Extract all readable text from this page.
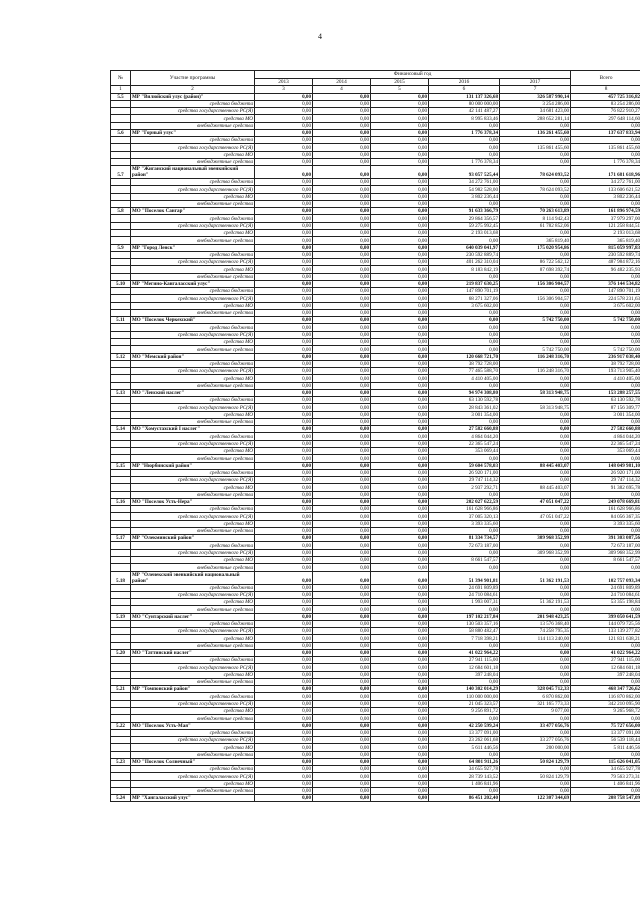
4
№	Участие программы	Финансовый год					Всего
		2013	2014	2015	2016	2017	
1	2	3	4	5	6	7	8
5.5	МР "Вилюйский улус (район)"	0,00	0,00	0,00	131 137 326,68	326 587 990,14	457 725 316,82
	средства бюджета	0,00	0,00	0,00	80 000 000,00	3 254 286,00	83 254 286,00
	средства государственного РС(Я)	0,00	0,00	0,00	42 141 487,27	34 681 423,00	76 822 910,27
	средства МО	0,00	0,00	0,00	8 995 833,46	288 652 281,14	297 648 114,60
	внебюджетные средства	0,00	0,00	0,00	0,00	0,00	0,00
5.6	МР "Горный улус"	0,00	0,00	0,00	1 776 378,34	136 261 455,60	137 637 833,94
	средства бюджета	0,00	0,00	0,00	0,00	0,00	0,00
	средства государственного РС(Я)	0,00	0,00	0,00	0,00	135 861 455,60	135 861 455,60
	средства МО	0,00	0,00	0,00	0,00	0,00	0,00
	внебюджетные средства	0,00	0,00	0,00	1 776 378,34	0,00	1 776 378,34
5.7	МР "Жиганский национальный эвенкийский район"	0,00	0,00	0,00	93 057 525,44	78 624 093,52	171 681 618,96
	средства бюджета	0,00	0,00	0,00	34 272 761,00	0,00	34 272 761,00
	средства государственного РС(Я)	0,00	0,00	0,00	54 982 528,00	78 624 093,52	133 606 621,52
	средства МО	0,00	0,00	0,00	3 802 236,44	0,00	3 802 236,44
	внебюджетные средства	0,00	0,00	0,00	0,00	0,00	0,00
5.8	МО "Поселок Сангар"	0,00	0,00	0,00	91 633 366,79	70 263 613,89	161 896 974,59
	средства бюджета	0,00	0,00	0,00	29 864 356,57	8 114 942,43	37 979 297,00
	средства государственного РС(Я)	0,00	0,00	0,00	59 275 992,45	61 782 852,06	121 258 844,51
	средства МО	0,00	0,00	0,00	2 193 013,68	0,00	2 193 013,68
	внебюджетные средства	0,00	0,00	0,00	0,00	365 819,40	365 819,40
5.9	МР "Город Ленск"	0,00	0,00	0,00	640 039 041,97	175 020 954,86	815 059 997,83
	средства бюджета	0,00	0,00	0,00	230 592 889,74	0,00	230 592 889,74
	средства государственного РС(Я)	0,00	0,00	0,00	401 262 310,04	86 722 562,12	487 984 872,16
	средства МО	0,00	0,00	0,00	8 183 842,19	87 698 392,74	96 482 235,93
	внебюджетные средства	0,00	0,00	0,00	0,00	0,00	0,00
5.10	МР "Мегино-Кангаласский улус"	0,00	0,00	0,00	219 837 630,25	156 306 904,57	376 144 534,82
	средства бюджета	0,00	0,00	0,00	147 890 701,19	0,00	147 890 701,19
	средства государственного РС(Я)	0,00	0,00	0,00	68 271 327,06	156 306 904,57	224 578 231,63
	средства МО	0,00	0,00	0,00	3 675 602,00	0,00	3 675 602,00
	внебюджетные средства	0,00	0,00	0,00	0,00	0,00	0,00
5.11	МО "Поселок Черкехский"	0,00	0,00	0,00	0,00	5 742 750,00	5 742 750,00
	средства бюджета	0,00	0,00	0,00	0,00	0,00	0,00
	средства государственного РС(Я)	0,00	0,00	0,00	0,00	0,00	0,00
	средства МО	0,00	0,00	0,00	0,00	0,00	0,00
	внебюджетные средства	0,00	0,00	0,00	0,00	5 742 750,00	5 742 750,00
5.12	МО "Мемский район"	0,00	0,00	0,00	120 668 721,70	116 248 316,70	236 917 038,40
	средства бюджета	0,00	0,00	0,00	38 792 728,00	0,00	38 792 728,00
	средства государственного РС(Я)	0,00	0,00	0,00	77 465 588,70	116 248 316,70	193 713 905,40
	средства МО	0,00	0,00	0,00	4 410 405,00	0,00	4 410 405,00
	внебюджетные средства	0,00	0,00	0,00	0,00	0,00	0,00
5.13	МО "Ленский наслег"	0,00	0,00	0,00	94 974 308,80	58 313 948,75	153 288 257,55
	средства бюджета	0,00	0,00	0,00	63 130 592,78	0,00	63 130 592,78
	средства государственного РС(Я)	0,00	0,00	0,00	28 843 361,02	58 313 948,75	87 156 309,77
	средства МО	0,00	0,00	0,00	3 001 354,00	0,00	3 001 354,00
	внебюджетные средства	0,00	0,00	0,00	0,00	0,00	0,00
5.14	МО "Хомустахский I наслег"	0,00	0,00	0,00	27 582 660,88	0,00	27 582 660,88
	средства бюджета	0,00	0,00	0,00	4 864 044,20	0,00	4 864 044,20
	средства государственного РС(Я)	0,00	0,00	0,00	22 365 547,24	0,00	22 365 547,24
	средства МО	0,00	0,00	0,00	353 069,44	0,00	353 069,44
	внебюджетные средства	0,00	0,00	0,00	0,00	0,00	0,00
5.15	МР "Нюрбинский район"	0,00	0,00	0,00	59 604 578,03	88 445 403,07	148 049 981,10
	средства бюджета	0,00	0,00	0,00	26 920 171,00	0,00	26 920 171,00
	средства государственного РС(Я)	0,00	0,00	0,00	29 747 114,32	0,00	29 747 114,32
	средства МО	0,00	0,00	0,00	2 937 292,71	88 445 403,07	91 382 695,78
	внебюджетные средства	0,00	0,00	0,00	0,00	0,00	0,00
5.16	МО "Поселок Усть-Нера"	0,00	0,00	0,00	202 027 622,59	47 051 047,22	249 078 669,81
	средства бюджета	0,00	0,00	0,00	161 628 966,86	0,00	161 628 966,86
	средства государственного РС(Я)	0,00	0,00	0,00	37 005 320,13	47 051 047,22	84 056 367,35
	средства МО	0,00	0,00	0,00	3 393 335,60	0,00	3 393 335,60
	внебюджетные средства	0,00	0,00	0,00	0,00	0,00	0,00
5.17	МР "Олекминский район"	0,00	0,00	0,00	81 334 734,57	309 968 352,99	391 303 087,56
	средства бюджета	0,00	0,00	0,00	72 673 187,00	0,00	72 673 187,00
	средства государственного РС(Я)	0,00	0,00	0,00	0,00	309 968 352,99	309 968 352,99
	средства МО	0,00	0,00	0,00	8 661 547,57	0,00	8 661 547,57
	внебюджетные средства	0,00	0,00	0,00	0,00	0,00	0,00
5.18	МР "Оленекский эвенкийский национальный район"	0,00	0,00	0,00	51 394 901,81	51 362 191,53	102 757 093,34
	средства бюджета	0,00	0,00	0,00	24 691 809,89	0,00	24 691 809,89
	средства государственного РС(Я)	0,00	0,00	0,00	24 710 084,61	0,00	24 710 084,61
	средства МО	0,00	0,00	0,00	1 993 007,31	51 362 191,53	53 355 198,84
	внебюджетные средства	0,00	0,00	0,00	0,00	0,00	0,00
5.19	МО "Сунтарский наслег"	0,00	0,00	0,00	197 102 217,84	201 948 423,25	399 050 641,59
	средства бюджета	0,00	0,00	0,00	130 503 357,16	13 576 368,40	144 079 725,56
	средства государственного РС(Я)	0,00	0,00	0,00	58 880 482,47	74 258 795,35	133 139 277,82
	средства МО	0,00	0,00	0,00	7 718 398,21	114 113 240,00	121 831 638,21
	внебюджетные средства	0,00	0,00	0,00	0,00	0,00	0,00
5.20	МО "Таттинский наслег"	0,00	0,00	0,00	41 022 964,22	0,00	41 022 964,22
	средства бюджета	0,00	0,00	0,00	27 941 115,00	0,00	27 941 115,00
	средства государственного РС(Я)	0,00	0,00	0,00	12 684 601,18	0,00	12 684 601,18
	средства МО	0,00	0,00	0,00	397 248,04	0,00	397 248,04
	внебюджетные средства	0,00	0,00	0,00	0,00	0,00	0,00
5.21	МР "Томпонский район"	0,00	0,00	0,00	140 302 014,29	328 045 712,33	468 347 726,62
	средства бюджета	0,00	0,00	0,00	110 000 000,00	6 870 862,00	116 870 862,00
	средства государственного РС(Я)	0,00	0,00	0,00	21 045 323,57	321 165 773,33	342 210 095,90
	средства МО	0,00	0,00	0,00	9 256 891,72	9 077,00	9 265 968,72
	внебюджетные средства	0,00	0,00	0,00	0,00	0,00	0,00
5.22	МО "Поселок Усть-Мая"	0,00	0,00	0,00	42 250 599,24	33 477 056,76	75 727 656,00
	средства бюджета	0,00	0,00	0,00	13 377 091,00	0,00	13 377 091,00
	средства государственного РС(Я)	0,00	0,00	0,00	23 262 061,68	33 277 056,76	56 539 118,44
	средства МО	0,00	0,00	0,00	5 611 446,56	200 000,00	5 811 446,56
	внебюджетные средства	0,00	0,00	0,00	0,00	0,00	0,00
5.23	МО "Поселок Солнечный"	0,00	0,00	0,00	64 801 911,26	50 824 129,79	115 626 041,05
	средства бюджета	0,00	0,00	0,00	34 655 927,78	0,00	34 655 927,78
	средства государственного РС(Я)	0,00	0,00	0,00	28 739 143,52	50 824 129,79	79 563 273,31
	средства МО	0,00	0,00	0,00	1 406 841,96	0,00	1 406 841,96
	внебюджетные средства	0,00	0,00	0,00	0,00	0,00	0,00
5.24	МР "Хангаласский улус"	0,00	0,00	0,00	86 451 202,40	122 307 344,69	208 758 547,09
